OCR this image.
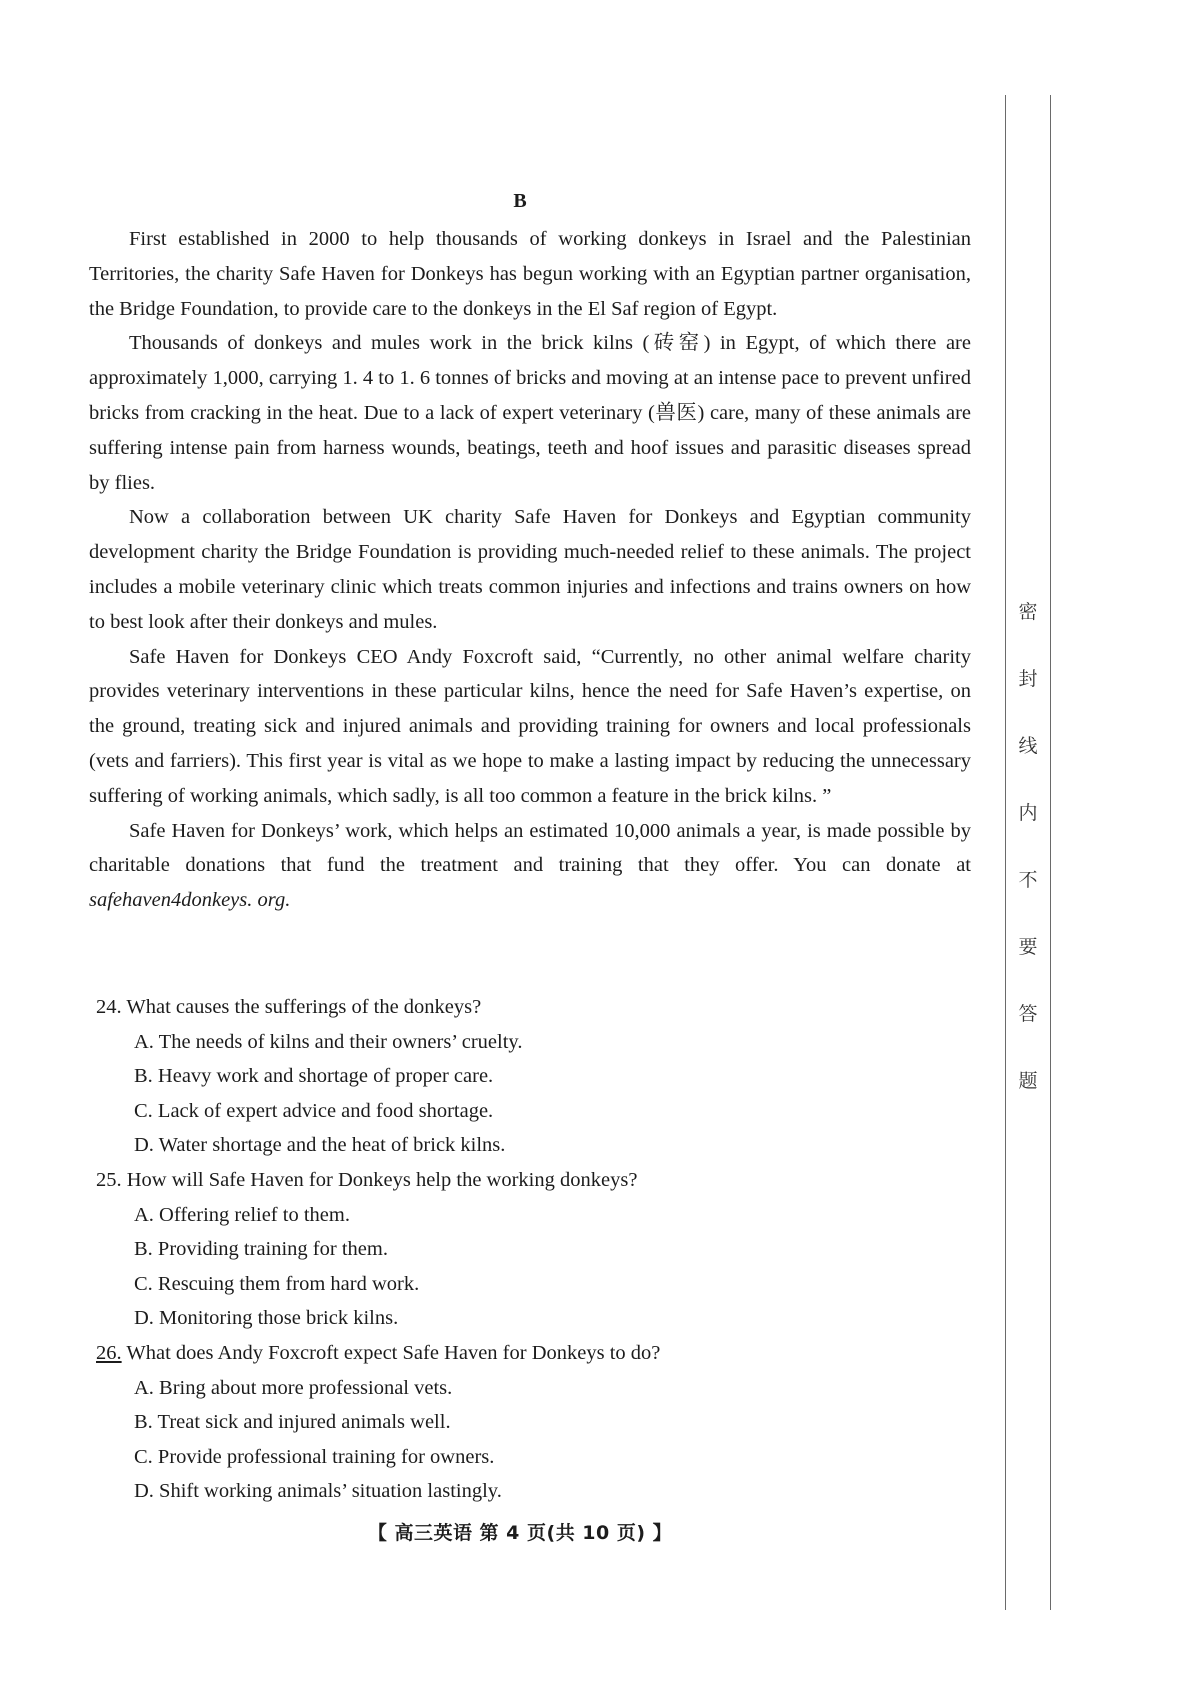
B

First established in 2000 to help thousands of working donkeys in Israel and the Palestinian Territories, the charity Safe Haven for Donkeys has begun working with an Egyptian partner organisation, the Bridge Foundation, to provide care to the donkeys in the El Saf region of Egypt.

Thousands of donkeys and mules work in the brick kilns (砖窑) in Egypt, of which there are approximately 1,000, carrying 1. 4 to 1. 6 tonnes of bricks and moving at an intense pace to prevent unfired bricks from cracking in the heat. Due to a lack of expert veterinary (兽医) care, many of these animals are suffering intense pain from harness wounds, beatings, teeth and hoof issues and parasitic diseases spread by flies.

Now a collaboration between UK charity Safe Haven for Donkeys and Egyptian community development charity the Bridge Foundation is providing much-needed relief to these animals. The project includes a mobile veterinary clinic which treats common injuries and infections and trains owners on how to best look after their donkeys and mules.

Safe Haven for Donkeys CEO Andy Foxcroft said, “Currently, no other animal welfare charity provides veterinary interventions in these particular kilns, hence the need for Safe Haven’s expertise, on the ground, treating sick and injured animals and providing training for owners and local professionals (vets and farriers). This first year is vital as we hope to make a lasting impact by reducing the unnecessary suffering of working animals, which sadly, is all too common a feature in the brick kilns. ”

Safe Haven for Donkeys’ work, which helps an estimated 10,000 animals a year, is made possible by charitable donations that fund the treatment and training that they offer. You can donate at safehaven4donkeys. org.

24. What causes the sufferings of the donkeys?

A. The needs of kilns and their owners’ cruelty.

B. Heavy work and shortage of proper care.

C. Lack of expert advice and food shortage.

D. Water shortage and the heat of brick kilns.

25. How will Safe Haven for Donkeys help the working donkeys?

A. Offering relief to them.

B. Providing training for them.

C. Rescuing them from hard work.

D. Monitoring those brick kilns.

26. What does Andy Foxcroft expect Safe Haven for Donkeys to do?

A. Bring about more professional vets.

B. Treat sick and injured animals well.

C. Provide professional training for owners.

D. Shift working animals’ situation lastingly.

【 高三英语 第 4 页(共 10 页) 】
密
封
线
内
不
要
答
题
